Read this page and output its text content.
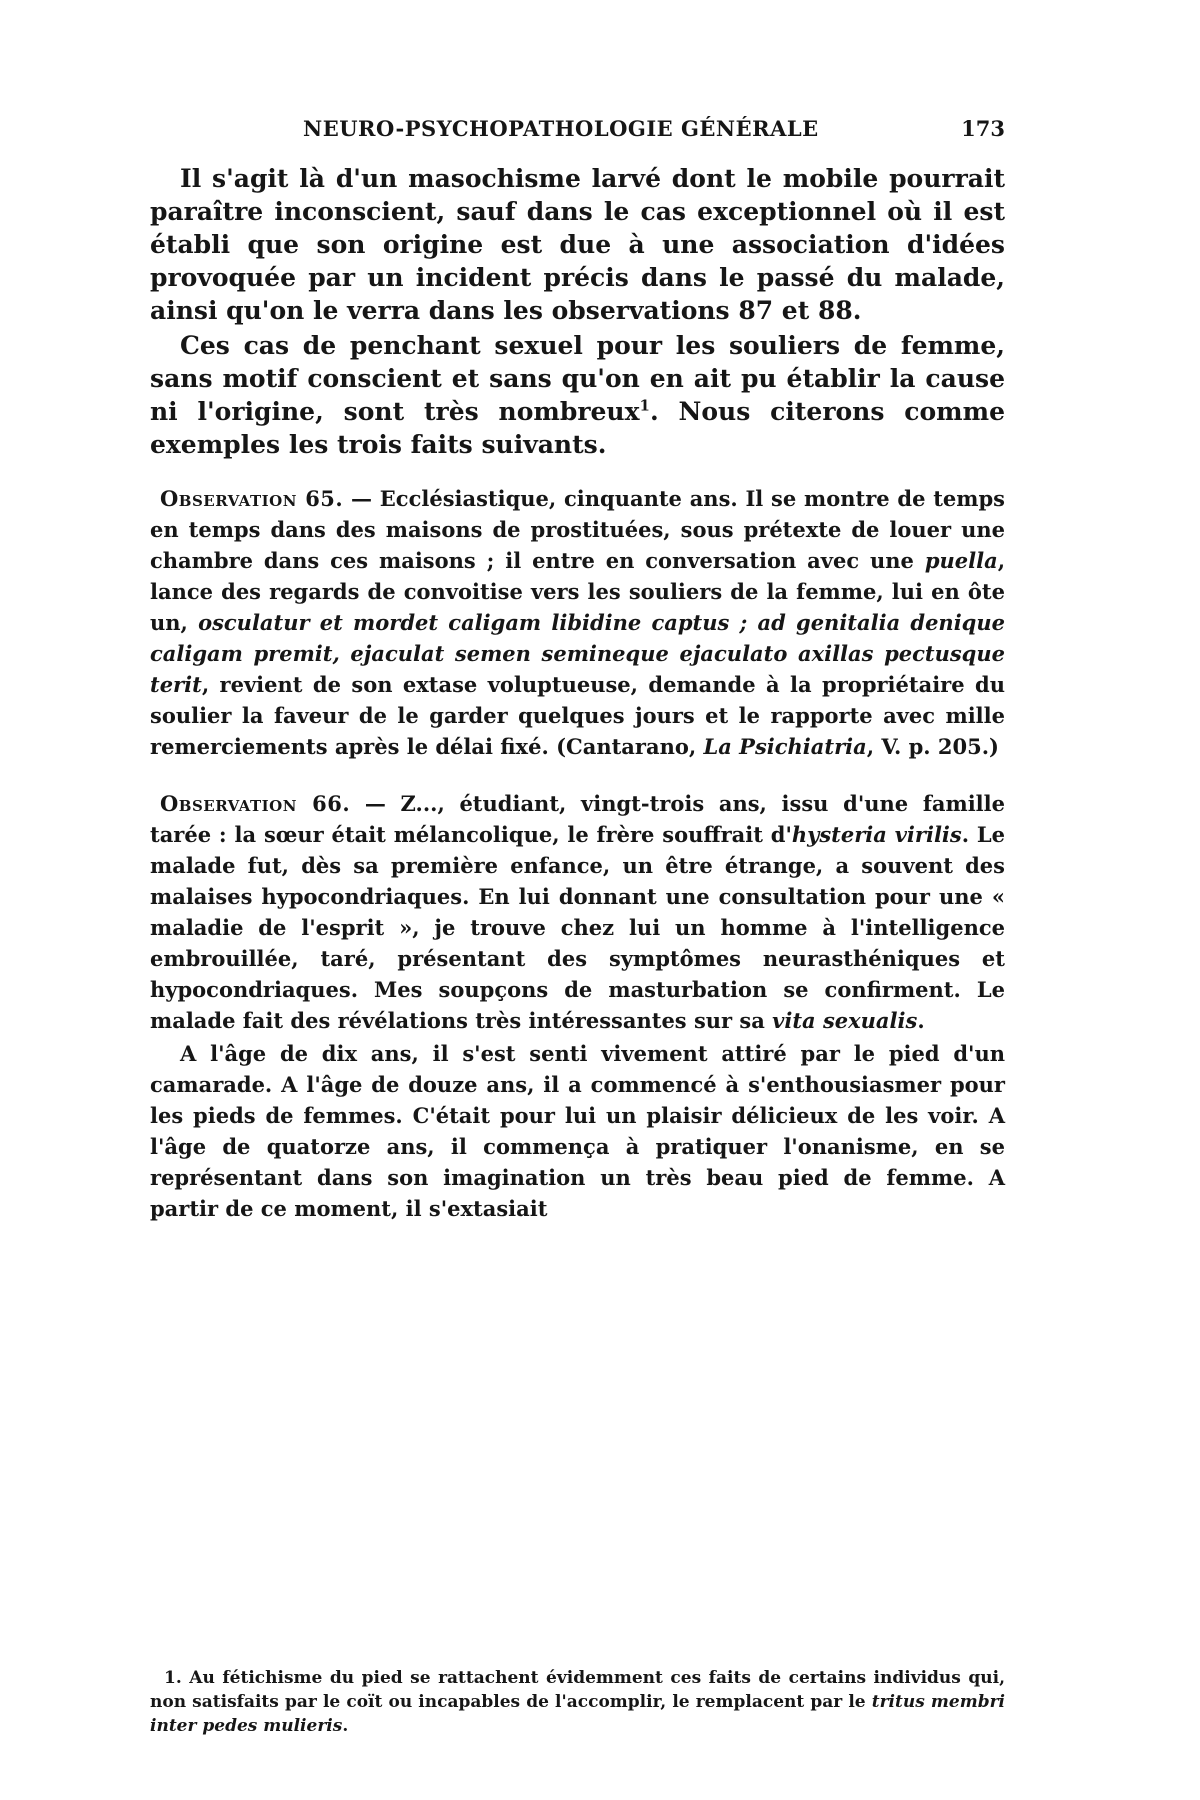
NEURO-PSYCHOPATHOLOGIE GÉNÉRALE	173

Il s'agit là d'un masochisme larvé dont le mobile pourrait paraître inconscient, sauf dans le cas exceptionnel où il est établi que son origine est due à une association d'idées provoquée par un incident précis dans le passé du malade, ainsi qu'on le verra dans les observations 87 et 88.

Ces cas de penchant sexuel pour les souliers de femme, sans motif conscient et sans qu'on en ait pu établir la cause ni l'origine, sont très nombreux$^1$. Nous citerons comme exemples les trois faits suivants.

Observation 65. — Ecclésiastique, cinquante ans. Il se montre de temps en temps dans des maisons de prostituées, sous prétexte de louer une chambre dans ces maisons ; il entre en conversation avec une puella, lance des regards de convoitise vers les souliers de la femme, lui en ôte un, osculatur et mordet caligam libidine captus ; ad genitalia denique caligam premit, ejaculat semen semineque ejaculato axillas pectusque terit, revient de son extase voluptueuse, demande à la propriétaire du soulier la faveur de le garder quelques jours et le rapporte avec mille remerciements après le délai fixé. (Cantarano, La Psichiatria, V. p. 205.)

Observation 66. — Z..., étudiant, vingt-trois ans, issu d'une famille tarée : la sœur était mélancolique, le frère souffrait d'hysteria virilis. Le malade fut, dès sa première enfance, un être étrange, a souvent des malaises hypocondriaques. En lui donnant une consultation pour une « maladie de l'esprit », je trouve chez lui un homme à l'intelligence embrouillée, taré, présentant des symptômes neurasthéniques et hypocondriaques. Mes soupçons de masturbation se confirment. Le malade fait des révélations très intéressantes sur sa vita sexualis.

A l'âge de dix ans, il s'est senti vivement attiré par le pied d'un camarade. A l'âge de douze ans, il a commencé à s'enthousiasmer pour les pieds de femmes. C'était pour lui un plaisir délicieux de les voir. A l'âge de quatorze ans, il commença à pratiquer l'onanisme, en se représentant dans son imagination un très beau pied de femme. A partir de ce moment, il s'extasiait

1. Au fétichisme du pied se rattachent évidemment ces faits de certains individus qui, non satisfaits par le coït ou incapables de l'accomplir, le remplacent par le tritus membri inter pedes mulieris.
